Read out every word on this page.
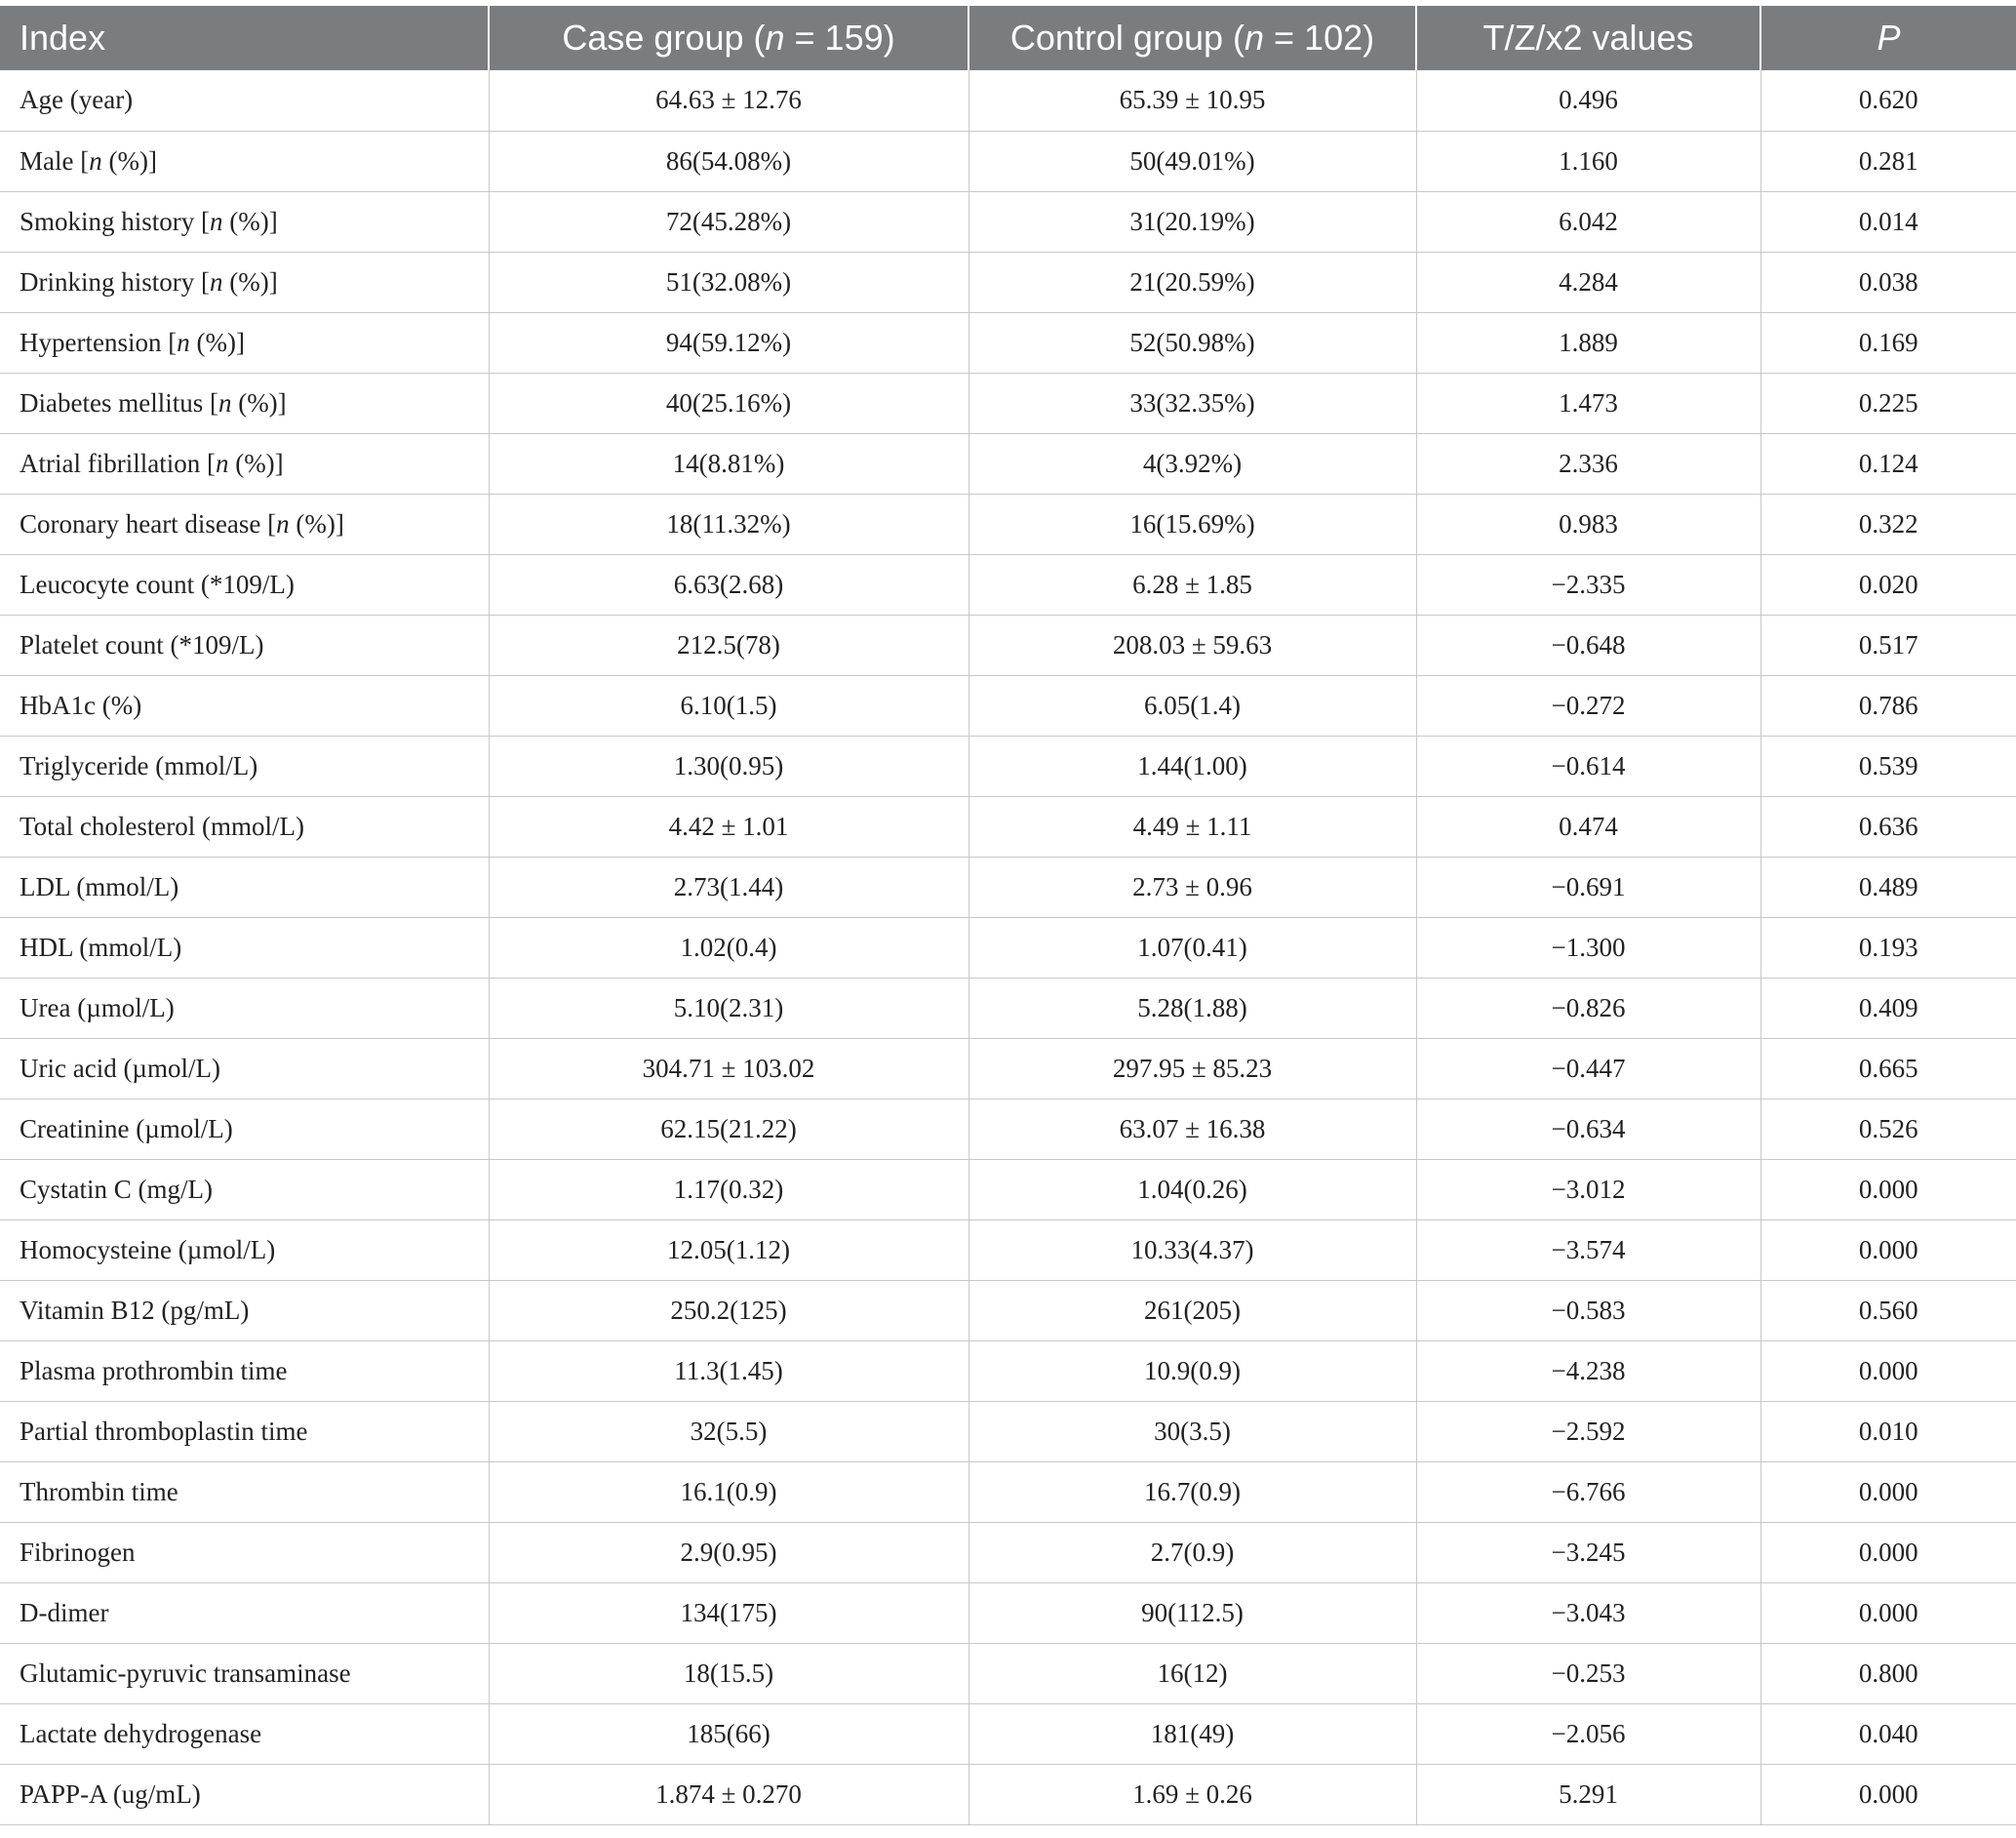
Index	Case group (n = 159)	Control group (n = 102)	T/Z/x2 values	P
Age (year)	64.63 ± 12.76	65.39 ± 10.95	0.496	0.620
Male [n (%)]	86(54.08%)	50(49.01%)	1.160	0.281
Smoking history [n (%)]	72(45.28%)	31(20.19%)	6.042	0.014
Drinking history [n (%)]	51(32.08%)	21(20.59%)	4.284	0.038
Hypertension [n (%)]	94(59.12%)	52(50.98%)	1.889	0.169
Diabetes mellitus [n (%)]	40(25.16%)	33(32.35%)	1.473	0.225
Atrial fibrillation [n (%)]	14(8.81%)	4(3.92%)	2.336	0.124
Coronary heart disease [n (%)]	18(11.32%)	16(15.69%)	0.983	0.322
Leucocyte count (*109/L)	6.63(2.68)	6.28 ± 1.85	−2.335	0.020
Platelet count (*109/L)	212.5(78)	208.03 ± 59.63	−0.648	0.517
HbA1c (%)	6.10(1.5)	6.05(1.4)	−0.272	0.786
Triglyceride (mmol/L)	1.30(0.95)	1.44(1.00)	−0.614	0.539
Total cholesterol (mmol/L)	4.42 ± 1.01	4.49 ± 1.11	0.474	0.636
LDL (mmol/L)	2.73(1.44)	2.73 ± 0.96	−0.691	0.489
HDL (mmol/L)	1.02(0.4)	1.07(0.41)	−1.300	0.193
Urea (µmol/L)	5.10(2.31)	5.28(1.88)	−0.826	0.409
Uric acid (µmol/L)	304.71 ± 103.02	297.95 ± 85.23	−0.447	0.665
Creatinine (µmol/L)	62.15(21.22)	63.07 ± 16.38	−0.634	0.526
Cystatin C (mg/L)	1.17(0.32)	1.04(0.26)	−3.012	0.000
Homocysteine (µmol/L)	12.05(1.12)	10.33(4.37)	−3.574	0.000
Vitamin B12 (pg/mL)	250.2(125)	261(205)	−0.583	0.560
Plasma prothrombin time	11.3(1.45)	10.9(0.9)	−4.238	0.000
Partial thromboplastin time	32(5.5)	30(3.5)	−2.592	0.010
Thrombin time	16.1(0.9)	16.7(0.9)	−6.766	0.000
Fibrinogen	2.9(0.95)	2.7(0.9)	−3.245	0.000
D-dimer	134(175)	90(112.5)	−3.043	0.000
Glutamic-pyruvic transaminase	18(15.5)	16(12)	−0.253	0.800
Lactate dehydrogenase	185(66)	181(49)	−2.056	0.040
PAPP-A (ug/mL)	1.874 ± 0.270	1.69 ± 0.26	5.291	0.000
